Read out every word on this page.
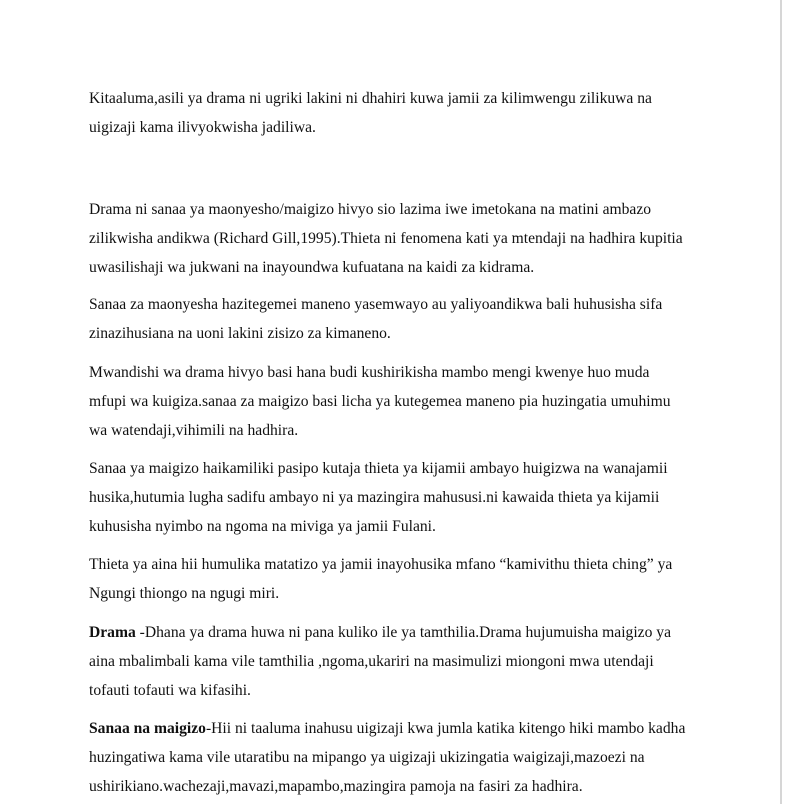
Kitaaluma,asili ya drama ni ugriki lakini ni dhahiri kuwa jamii za kilimwengu zilikuwa na uigizaji kama ilivyokwisha jadiliwa.

Drama ni sanaa ya maonyesho/maigizo hivyo sio lazima iwe imetokana na matini ambazo zilikwisha andikwa (Richard Gill,1995).Thieta ni fenomena kati ya mtendaji na hadhira kupitia uwasilishaji wa jukwani na inayoundwa kufuatana na kaidi za kidrama.

Sanaa za maonyesha hazitegemei maneno yasemwayo au yaliyoandikwa bali huhusisha sifa zinazihusiana na uoni lakini zisizo za kimaneno.

Mwandishi wa drama hivyo basi hana budi kushirikisha mambo mengi kwenye huo muda mfupi wa kuigiza.sanaa za maigizo basi licha ya kutegemea maneno pia huzingatia umuhimu wa watendaji,vihimili na hadhira.

Sanaa ya maigizo haikamiliki pasipo kutaja thieta ya kijamii ambayo huigizwa na wanajamii husika,hutumia lugha sadifu ambayo ni ya mazingira mahususi.ni kawaida thieta ya kijamii kuhusisha nyimbo na ngoma na miviga ya jamii Fulani.

Thieta ya aina hii humulika matatizo ya jamii inayohusika mfano “kamivithu thieta ching” ya Ngungi thiongo na ngugi miri.

Drama -Dhana ya drama huwa ni pana kuliko ile ya tamthilia.Drama hujumuisha maigizo ya aina mbalimbali kama vile tamthilia ,ngoma,ukariri na masimulizi miongoni mwa utendaji tofauti tofauti wa kifasihi.

Sanaa na maigizo-Hii ni taaluma inahusu uigizaji kwa jumla katika kitengo hiki mambo kadha huzingatiwa kama vile utaratibu na mipango ya uigizaji ukizingatia waigizaji,mazoezi na ushirikiano.wachezaji,mavazi,mapambo,mazingira pamoja na fasiri za hadhira.
